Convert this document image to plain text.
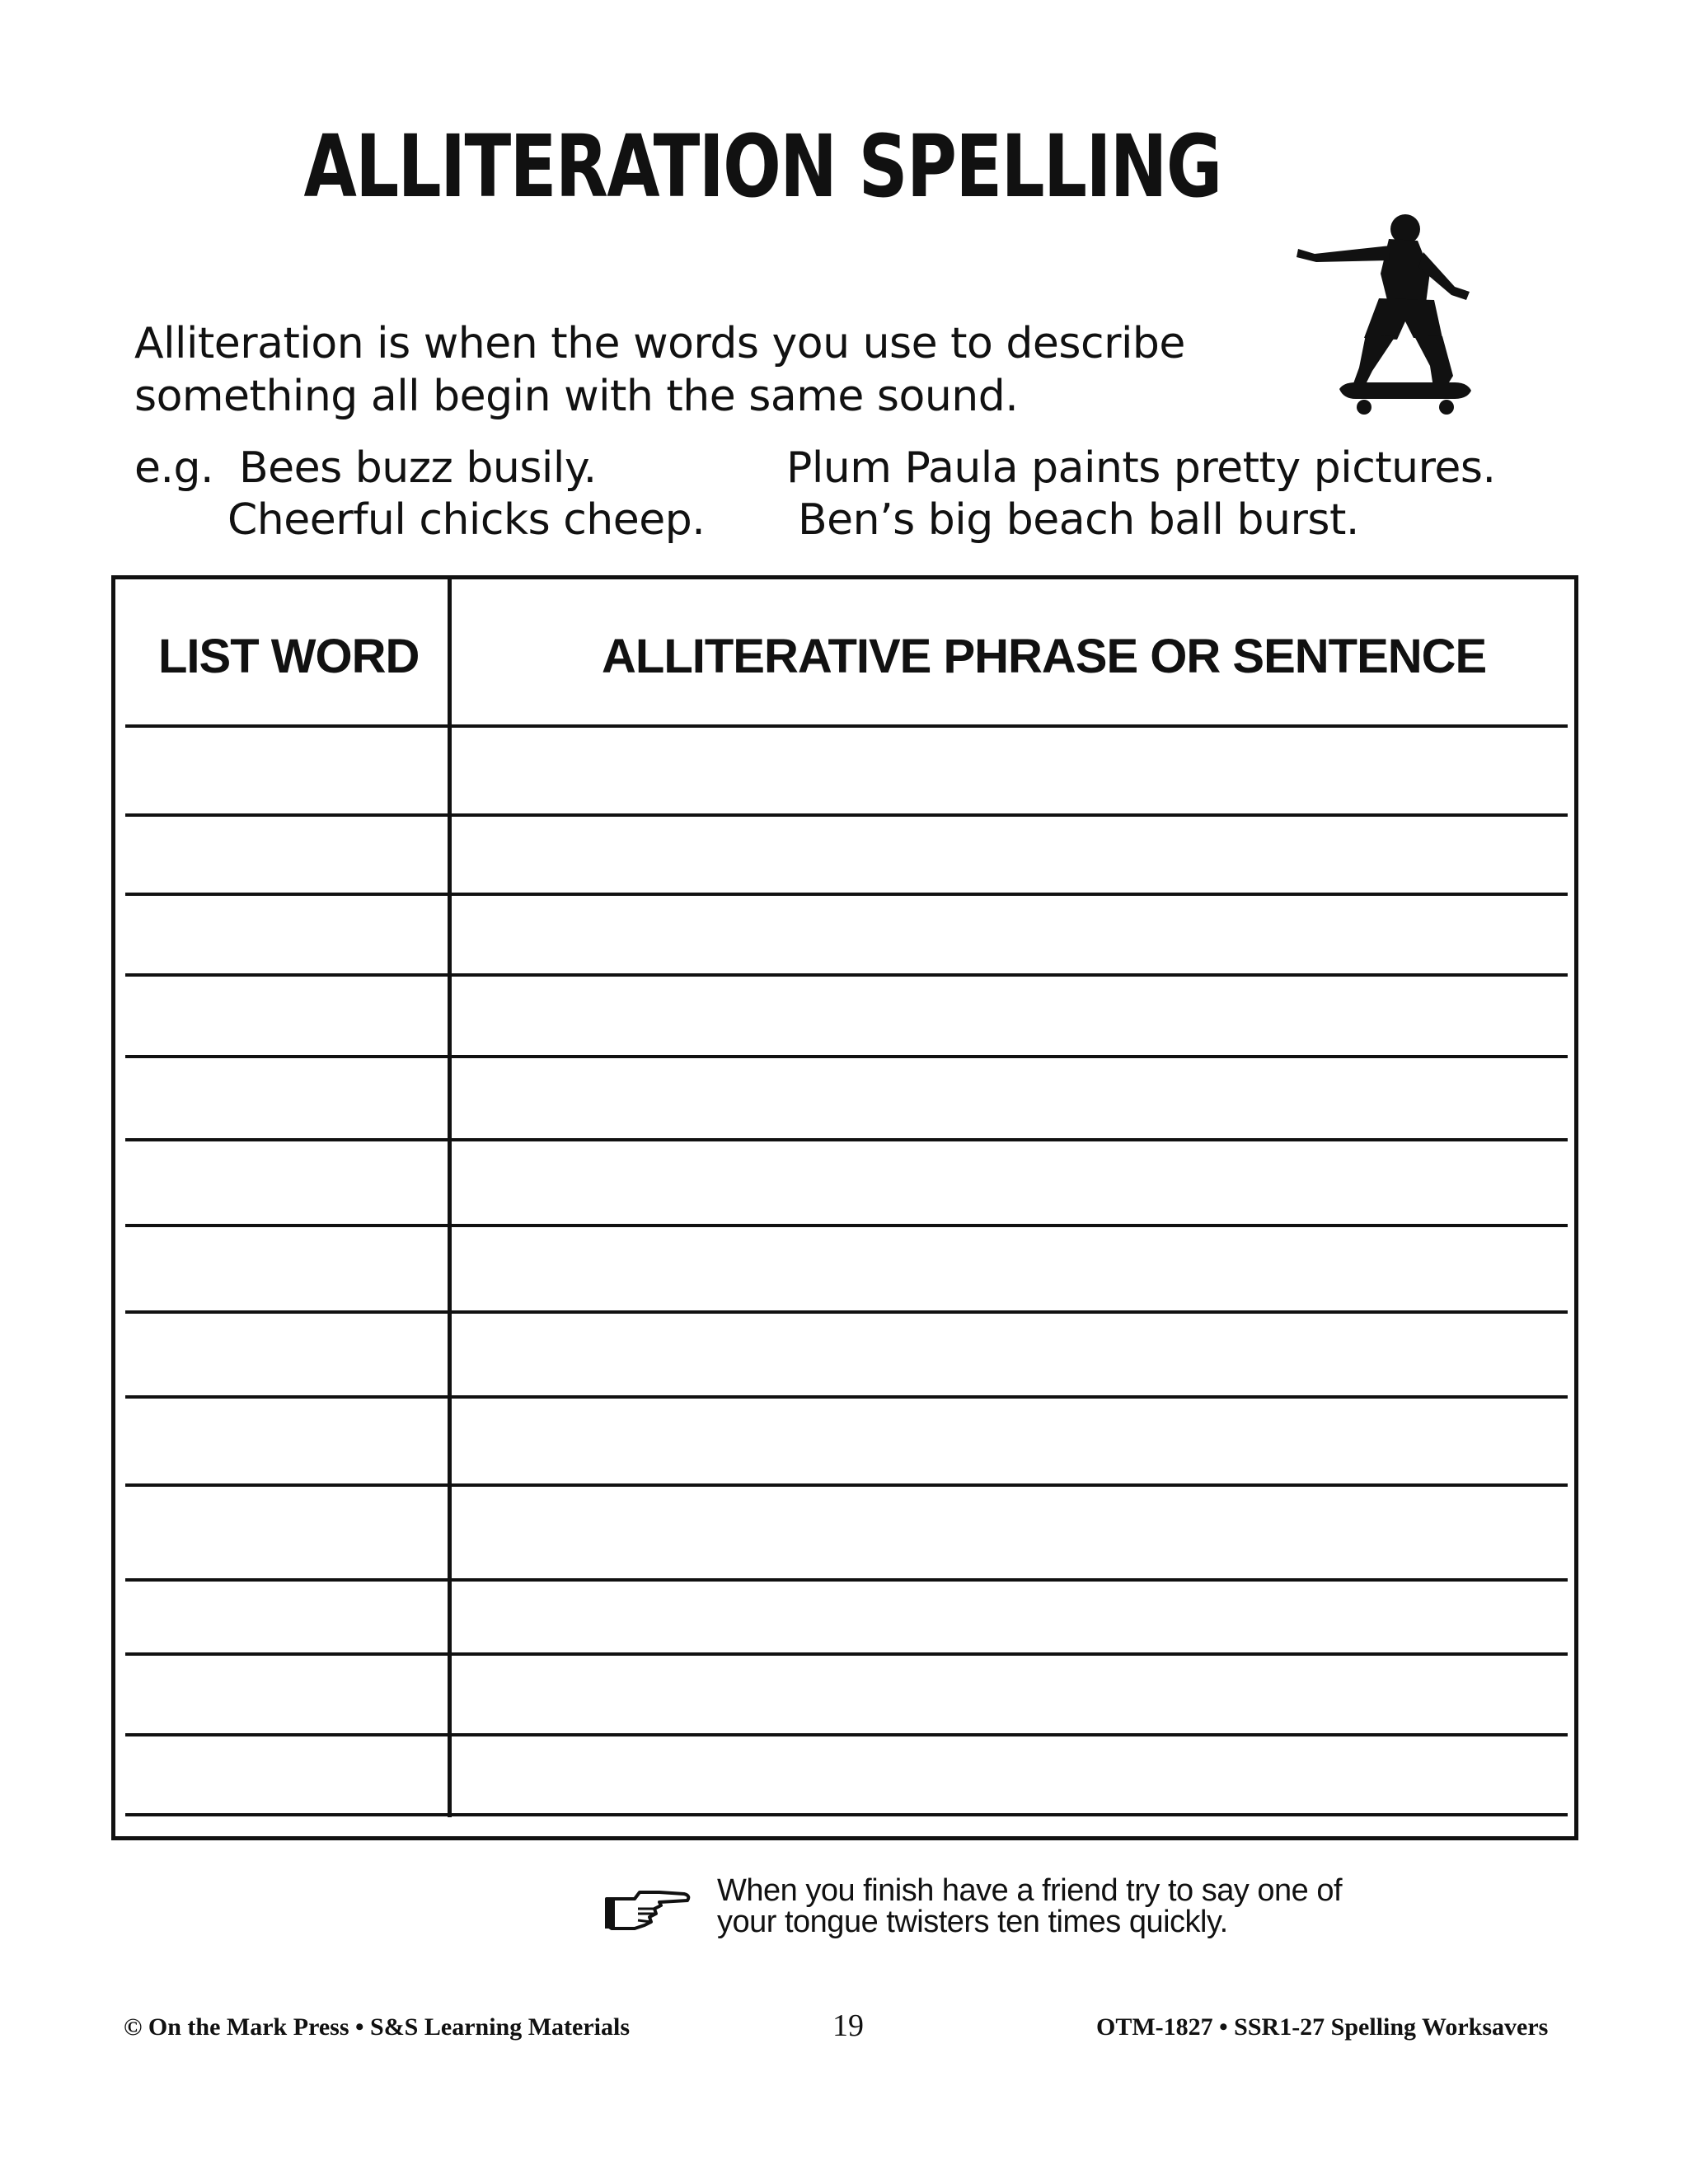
ALLITERATION SPELLING
Alliteration is when the words you use to describe
something all begin with the same sound.
e.g. Bees buzz busily.
Cheerful chicks cheep.
Plum Paula paints pretty pictures.
Ben’s big beach ball burst.
LIST WORD	ALLITERATIVE PHRASE OR SENTENCE
When you finish have a friend try to say one of
your tongue twisters ten times quickly.
© On the Mark Press • S&S Learning Materials	19	OTM-1827 • SSR1-27 Spelling Worksavers
